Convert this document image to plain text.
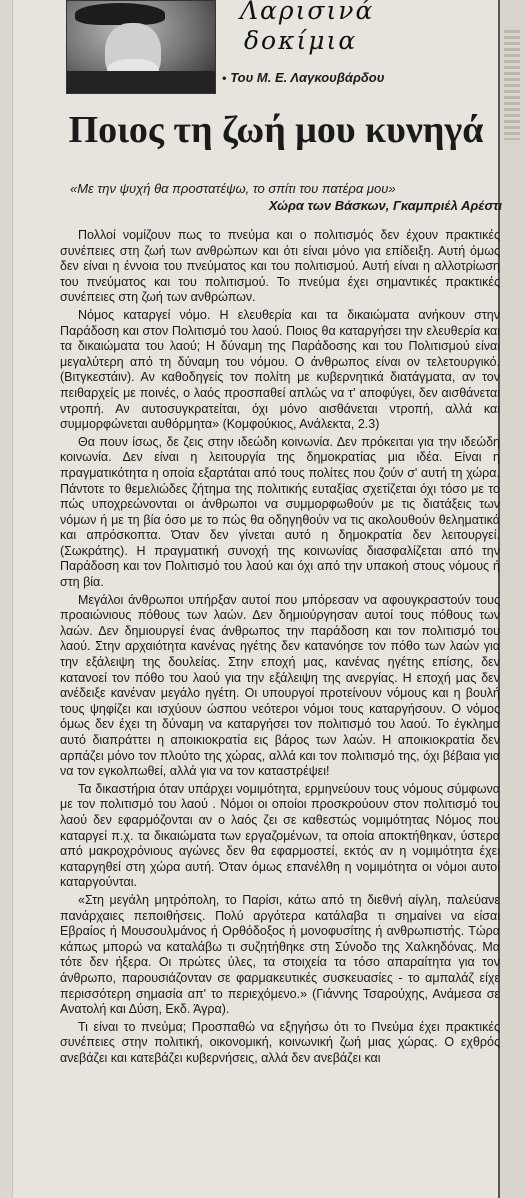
Λαρισινά
δοκίμια
• Του Μ. Ε. Λαγκουβάρδου
Ποιος τη ζωή μου κυνηγά
«Με την ψυχή θα προστατέψω, το σπίτι του πατέρα μου»
Χώρα των Βάσκων, Γκαμπριέλ Αρέστι

Πολλοί νομίζουν πως το πνεύμα και ο πολιτισμός δεν έχουν πρακτικές συνέπειες στη ζωή των ανθρώπων και ότι είναι μόνο για επίδειξη. Αυτή όμως δεν είναι η έννοια του πνεύματος και του πολιτισμού. Αυτή είναι η αλλοτρίωση του πνεύματος και του πολιτισμού. Το πνεύμα έχει σημαντικές πρακτικές συνέπειες στη ζωή των ανθρώπων.

Νόμος καταργεί νόμο. Η ελευθερία και τα δικαιώματα ανήκουν στην Παράδοση και στον Πολιτισμό του λαού. Ποιος θα καταργήσει την ελευθερία και τα δικαιώματα του λαού; Η δύναμη της Παράδοσης και του Πολιτισμού είναι μεγαλύτερη από τη δύναμη του νόμου. Ο άνθρωπος είναι ον τελετουργικό.(Βιτγκεστάιν). Αν καθοδηγείς τον πολίτη με κυβερνητικά διατάγματα, αν τον πειθαρχείς με ποινές, ο λαός προσπαθεί απλώς να τ' αποφύγει, δεν αισθάνεται ντροπή. Αν αυτοσυγκρατείται, όχι μόνο αισθάνεται ντροπή, αλλά και συμμορφώνεται αυθόρμητα» (Κομφούκιος, Ανάλεκτα, 2.3)

Θα πουν ίσως, δε ζεις στην ιδεώδη κοινωνία. Δεν πρόκειται για την ιδεώδη κοινωνία. Δεν είναι η λειτουργία της δημοκρατίας μια ιδέα. Είναι η πραγματικότητα η οποία εξαρτάται από τους πολίτες που ζούν σ' αυτή τη χώρα. Πάντοτε το θεμελιώδες ζήτημα της πολιτικής ευταξίας σχετίζεται όχι τόσο με το πώς υποχρεώνονται οι άνθρωποι να συμμορφωθούν με τις διατάξεις των νόμων ή με τη βία όσο με το πώς θα οδηγηθούν να τις ακολουθούν θεληματικά και απρόσκοπτα. Όταν δεν γίνεται αυτό η δημοκρατία δεν λειτουργεί.(Σωκράτης). Η πραγματική συνοχή της κοινωνίας διασφαλίζεται από την Παράδοση και τον Πολιτισμό του λαού και όχι από την υπακοή στους νόμους ή στη βία.

Μεγάλοι άνθρωποι υπήρξαν αυτοί που μπόρεσαν να αφουγκραστούν τους προαιώνιους πόθους των λαών. Δεν δημιούργησαν αυτοί τους πόθους των λαών. Δεν δημιουργεί ένας άνθρωπος την παράδοση και τον πολιτισμό του λαού. Στην αρχαιότητα κανένας ηγέτης δεν κατανόησε τον πόθο των λαών για την εξάλειψη της δουλείας. Στην εποχή μας, κανένας ηγέτης επίσης, δεν κατανοεί τον πόθο του λαού για την εξάλειψη της ανεργίας. Η εποχή μας δεν ανέδειξε κανέναν μεγάλο ηγέτη. Οι υπουργοί προτείνουν νόμους και η βουλή τους ψηφίζει και ισχύουν ώσπου νεότεροι νόμοι τους καταργήσουν. Ο νόμος όμως δεν έχει τη δύναμη να καταργήσει τον πολιτισμό του λαού. Το έγκλημα αυτό διαπράττει η αποικιοκρατία εις βάρος των λαών. Η αποικιοκρατία δεν αρπάζει μόνο τον πλούτο της χώρας, αλλά και τον πολιτισμό της, όχι βέβαια για να τον εγκολπωθεί, αλλά για να τον καταστρέψει!

Τα δικαστήρια όταν υπάρχει νομιμότητα, ερμηνεύουν τους νόμους σύμφωνα με τον πολιτισμό του λαού . Νόμοι οι οποίοι προσκρούουν στον πολιτισμό του λαού δεν εφαρμόζονται αν ο λαός ζει σε καθεστώς νομιμότητας Νόμος που καταργεί π.χ. τα δικαιώματα των εργαζομένων, τα οποία αποκτήθηκαν, ύστερα από μακροχρόνιους αγώνες δεν θα εφαρμοστεί, εκτός αν η νομιμότητα έχει καταργηθεί στη χώρα αυτή. Όταν όμως επανέλθη η νομιμότητα οι νόμοι αυτοί καταργούνται.

«Στη μεγάλη μητρόπολη, το Παρίσι, κάτω από τη διεθνή αίγλη, παλεύανε πανάρχαιες πεποιθήσεις. Πολύ αργότερα κατάλαβα τι σημαίνει να είσαι Εβραίος ή Μουσουλμάνος ή Ορθόδοξος ή μονοφυσίτης ή ανθρωπιστής. Τώρα κάπως μπορώ να καταλάβω τι συζητήθηκε στη Σύνοδο της Χαλκηδόνας. Μα τότε δεν ήξερα. Οι πρώτες ύλες, τα στοιχεία τα τόσο απαραίτητα για τον άνθρωπο, παρουσιάζονταν σε φαρμακευτικές συσκευασίες - το αμπαλάζ είχε περισσότερη σημασία απ' το περιεχόμενο.» (Γιάννης Τσαρούχης, Ανάμεσα σε Ανατολή και Δύση, Εκδ. Άγρα).

Τι είναι το πνεύμα; Προσπαθώ να εξηγήσω ότι το Πνεύμα έχει πρακτικές συνέπειες στην πολιτική, οικονομική, κοινωνική ζωή μιας χώρας. Ο εχθρός ανεβάζει και κατεβάζει κυβερνήσεις, αλλά δεν ανεβάζει και
